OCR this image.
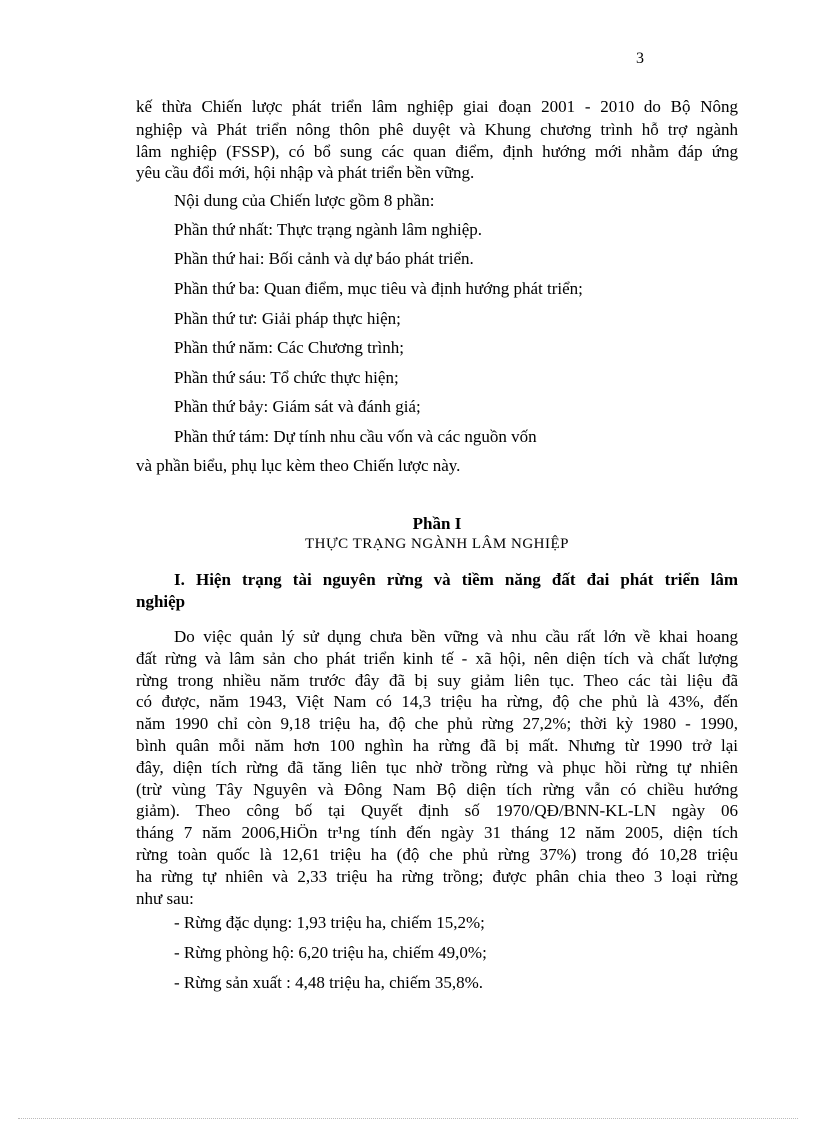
3

kế thừa Chiến lược phát triển lâm nghiệp giai đoạn 2001 - 2010 do Bộ Nông

nghiệp và Phát triển nông thôn phê duyệt và Khung chương trình hỗ trợ ngành

lâm nghiệp (FSSP), có bổ sung các quan điểm, định hướng mới nhằm đáp ứng

yêu cầu đổi mới, hội nhập và phát triển bền vững.

Nội dung của Chiến lược gồm 8 phần:

Phần thứ nhất: Thực trạng ngành lâm nghiệp.

Phần thứ hai: Bối cảnh và dự báo phát triển.

Phần thứ ba: Quan điểm, mục tiêu và định hướng phát triển;

Phần thứ tư: Giải pháp thực hiện;

Phần thứ năm: Các Chương trình;

Phần thứ sáu: Tổ chức thực hiện;

Phần thứ bảy: Giám sát và đánh giá;

Phần thứ tám: Dự tính nhu cầu vốn và các nguồn vốn

và phần biểu, phụ lục kèm theo Chiến lược này.

Phần I

THỰC TRẠNG NGÀNH LÂM NGHIỆP

I. Hiện trạng tài nguyên rừng và tiềm năng đất đai phát triển lâm
nghiệp
Do việc quản lý sử dụng chưa bền vững và nhu cầu rất lớn về khai hoang
đất rừng và lâm sản cho phát triển kinh tế - xã hội, nên diện tích và chất lượng
rừng trong nhiều năm trước đây đã bị suy giảm liên tục. Theo các tài liệu đã
có được, năm 1943, Việt Nam có 14,3 triệu ha rừng, độ che phủ là 43%, đến
năm 1990 chỉ còn 9,18 triệu ha, độ che phủ rừng 27,2%; thời kỳ 1980 - 1990,
bình quân mỗi năm hơn 100 nghìn ha rừng đã bị mất. Nhưng từ 1990 trở lại
đây, diện tích rừng đã tăng liên tục nhờ trồng rừng và phục hồi rừng tự nhiên
(trừ vùng Tây Nguyên và Đông Nam Bộ diện tích rừng vẫn có chiều hướng
giảm). Theo công bố tại Quyết định số 1970/QĐ/BNN-KL-LN ngày 06
tháng 7 năm 2006,HiÖn tr¹ng tính đến ngày 31 tháng 12 năm 2005, diện tích
rừng toàn quốc là 12,61 triệu ha (độ che phủ rừng 37%) trong đó 10,28 triệu
ha rừng tự nhiên và 2,33 triệu ha rừng trồng; được phân chia theo 3 loại rừng
như sau:

- Rừng đặc dụng: 1,93 triệu ha, chiếm 15,2%;

- Rừng phòng hộ: 6,20 triệu ha, chiếm 49,0%;

- Rừng sản xuất : 4,48 triệu ha, chiếm 35,8%.
